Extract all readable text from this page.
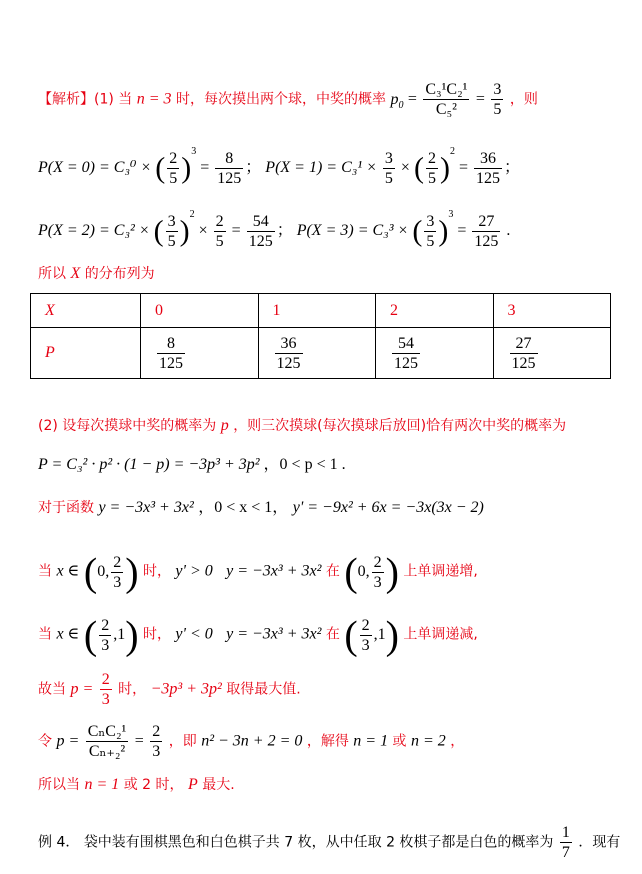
【解析】(1) 当 n = 3 时，每次摸出两个球，中奖的概率 $p_0 = \frac{\text{C₃¹C₂¹}}{\text{C₅²}} = \frac{3}{5}$ ，则
P(X = 0) = C₃⁰ × ( $\frac{2}{5} )^3 = \frac{8}{125}$ ； $P(X = 1) = C_3^1 \times \frac{3}{5}$ × ( $\frac{2}{5} )^2 = \frac{36}{125}$ ；
P(X = 2) = C₃² × ( $\frac{3}{5} )^2 \times \frac{2}{5} = \frac{54}{125}$ ； P(X = 3) = C₃³ × ( $\frac{3}{5} )^3 = \frac{27}{125}$ .
所以 X 的分布列为
X	0	1	2	3
P	$\frac{8}{125}$	$\frac{36}{125}$	$\frac{54}{125}$	$\frac{27}{125}$
(2) 设每次摸球中奖的概率为 p ，则三次摸球(每次摸球后放回)恰有两次中奖的概率为
P = C₃² · p² · (1 − p) = −3p³ + 3p² ，0 < p < 1 .
对于函数 y = −3x³ + 3x² ，0 < x < 1， y' = −9x² + 6x = −3x(3x − 2)
当 x ∈ (0, $\frac{2}{3}$ ) 时， y' > 0 y = −3x³ + 3x² 在 (0, $\frac{2}{3}$ ) 上单调递增,
当 x ∈ ( $\frac{2}{3} ,1$) 时， y' < 0 y = −3x³ + 3x² 在 ( $\frac{2}{3} ,1$) 上单调递减,
故当 $p = \frac{2}{3}$ 时， −3p³ + 3p² 取得最大值.
令 $p = \frac{\text{CₙC₂¹}}{\text{Cₙ₊₂²}} = \frac{2}{3}$ ，即 n² − 3n + 2 = 0 ，解得 n = 1 或 n = 2 ，
所以当 n = 1 或 2 时， P 最大.
例 4． 袋中装有围棋黑色和白色棋子共 7 枚，从中任取 2 枚棋子都是白色的概率为 $\frac{1}{7}$ ．现有
